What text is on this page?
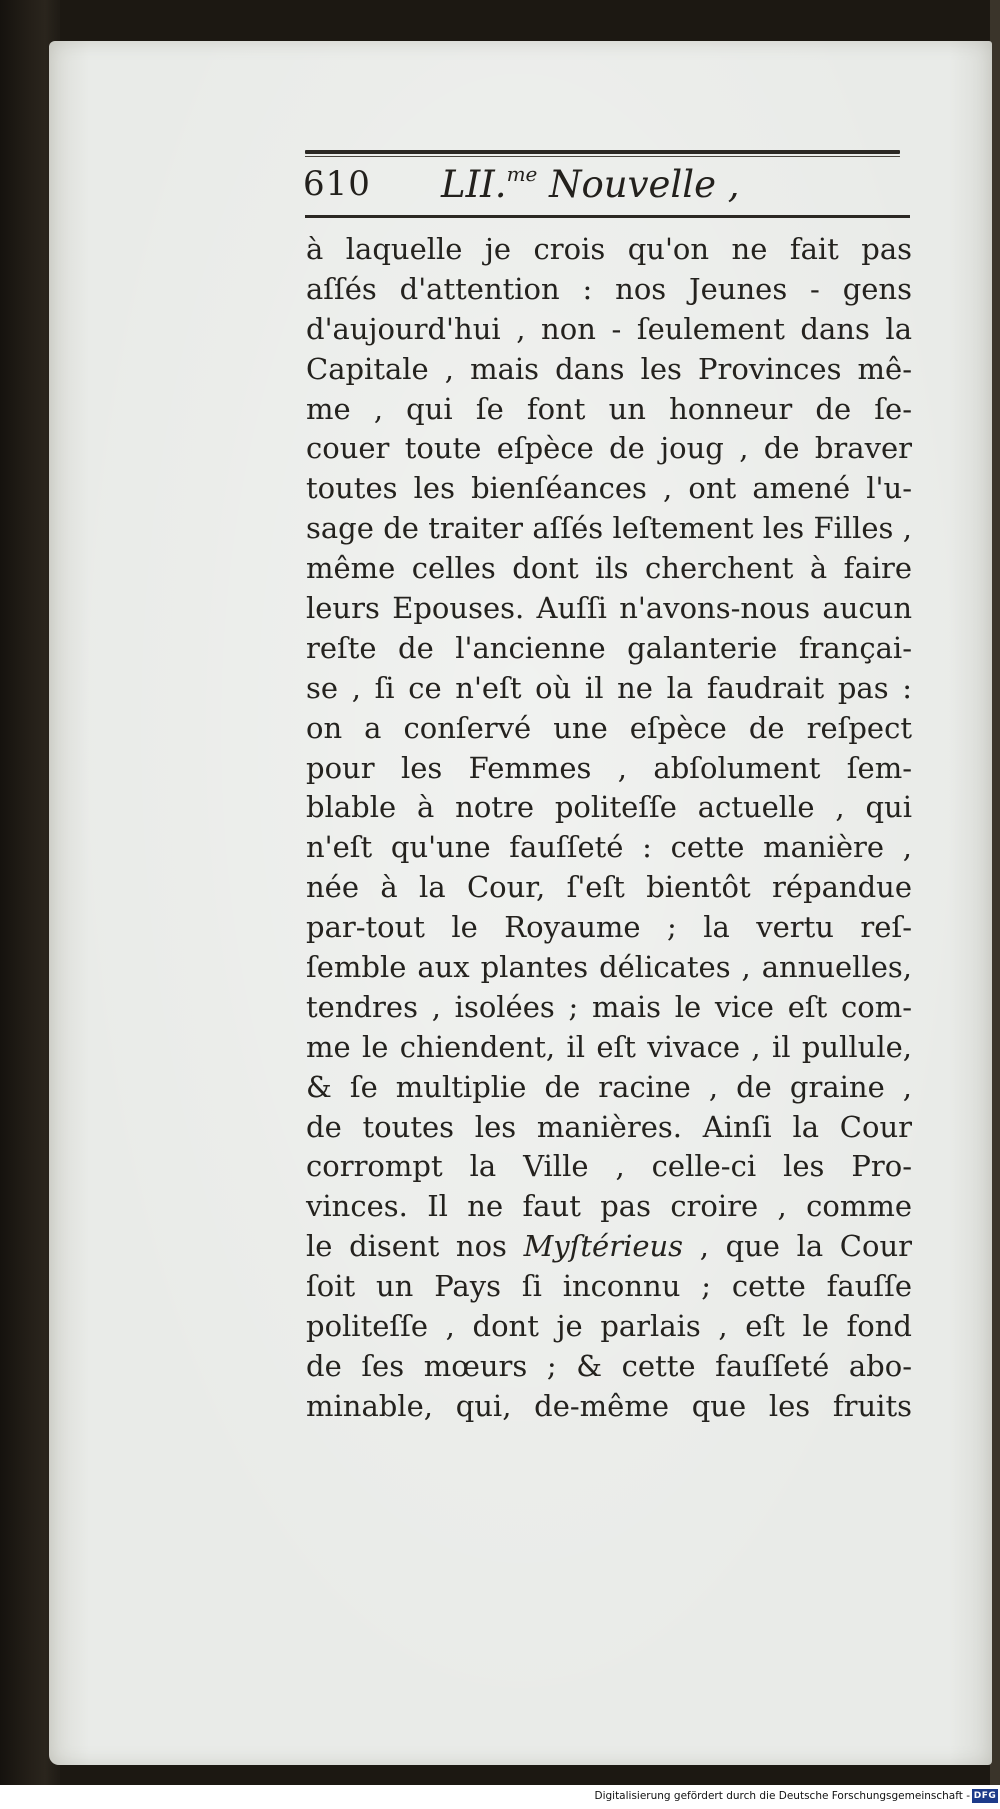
610 LII.$^{me}$ Nouvelle ,
à laquelle je crois qu'on ne fait pas
aſſés d'attention : nos Jeunes - gens
d'aujourd'hui , non - ſeulement dans la
Capitale , mais dans les Provinces mê-
me , qui ſe font un honneur de ſe-
couer toute eſpèce de joug , de braver
toutes les bienſéances , ont amené l'u-
sage de traiter aſſés leſtement les Filles ,
même celles dont ils cherchent à faire
leurs Epouses. Auſſi n'avons-nous aucun
reſte de l'ancienne galanterie françai-
se , ſi ce n'eſt où il ne la faudrait pas :
on a conſervé une eſpèce de reſpect
pour les Femmes , abſolument ſem-
blable à notre politeſſe actuelle , qui
n'eſt qu'une fauſſeté : cette manière ,
née à la Cour, ſ'eſt bientôt répandue
par-tout le Royaume ; la vertu reſ-
ſemble aux plantes délicates , annuelles,
tendres , isolées ; mais le vice eſt com-
me le chiendent, il eſt vivace , il pullule,
& ſe multiplie de racine , de graine ,
de toutes les manières. Ainſi la Cour
corrompt la Ville , celle-ci les Pro-
vinces. Il ne faut pas croire , comme
le disent nos Myſtérieus , que la Cour
ſoit un Pays ſi inconnu ; cette fauſſe
politeſſe , dont je parlais , eſt le fond
de ſes mœurs ; & cette fauſſeté abo-
minable, qui, de-même que les fruits
Digitalisierung gefördert durch die Deutsche Forschungsgemeinschaft - DFG
